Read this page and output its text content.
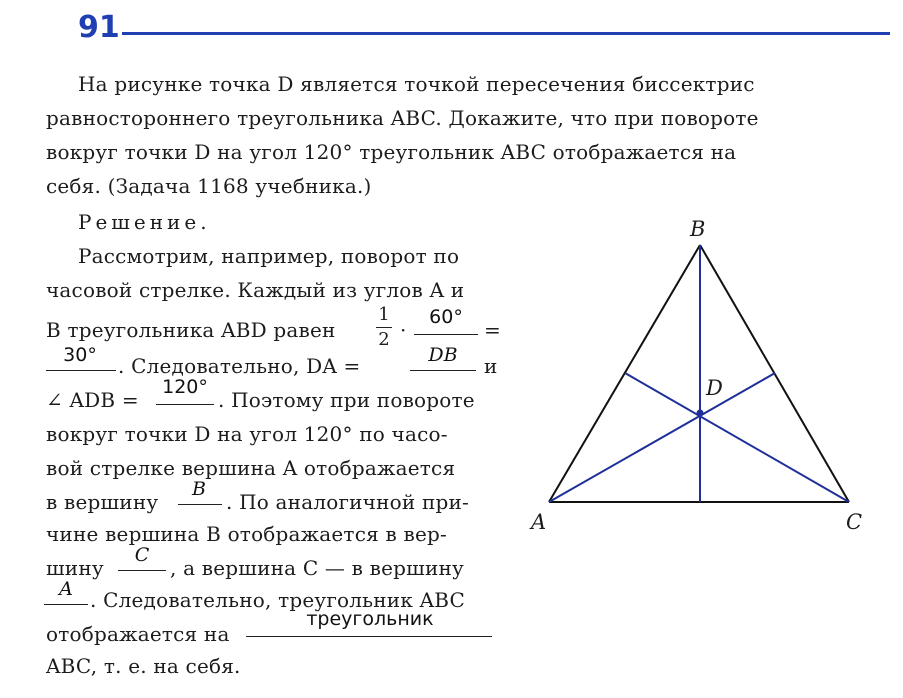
91
На рисунке точка D является точкой пересечения биссектрис
равностороннего треугольника ABC. Докажите, что при повороте
вокруг точки D на угол 120° треугольник ABC отображается на
себя. (Задача 1168 учебника.)
Решение.
Рассмотрим, например, поворот по
часовой стрелке. Каждый из углов A и
B треугольника ABD равен
1
2 ·
60°
=
30°	. Следовательно, DA =	DB	и
∠ ADB =
120°
. Поэтому при повороте
вокруг точки D на угол 120° по часо-
вой стрелке вершина A отображается
в вершину
B
. По аналогичной при-
чине вершина B отображается в вер-
шину
C
, а вершина C — в вершину
A . Следовательно, треугольник ABC
отображается на
треугольник
ABC, т. е. на себя.
B
A	C
D
